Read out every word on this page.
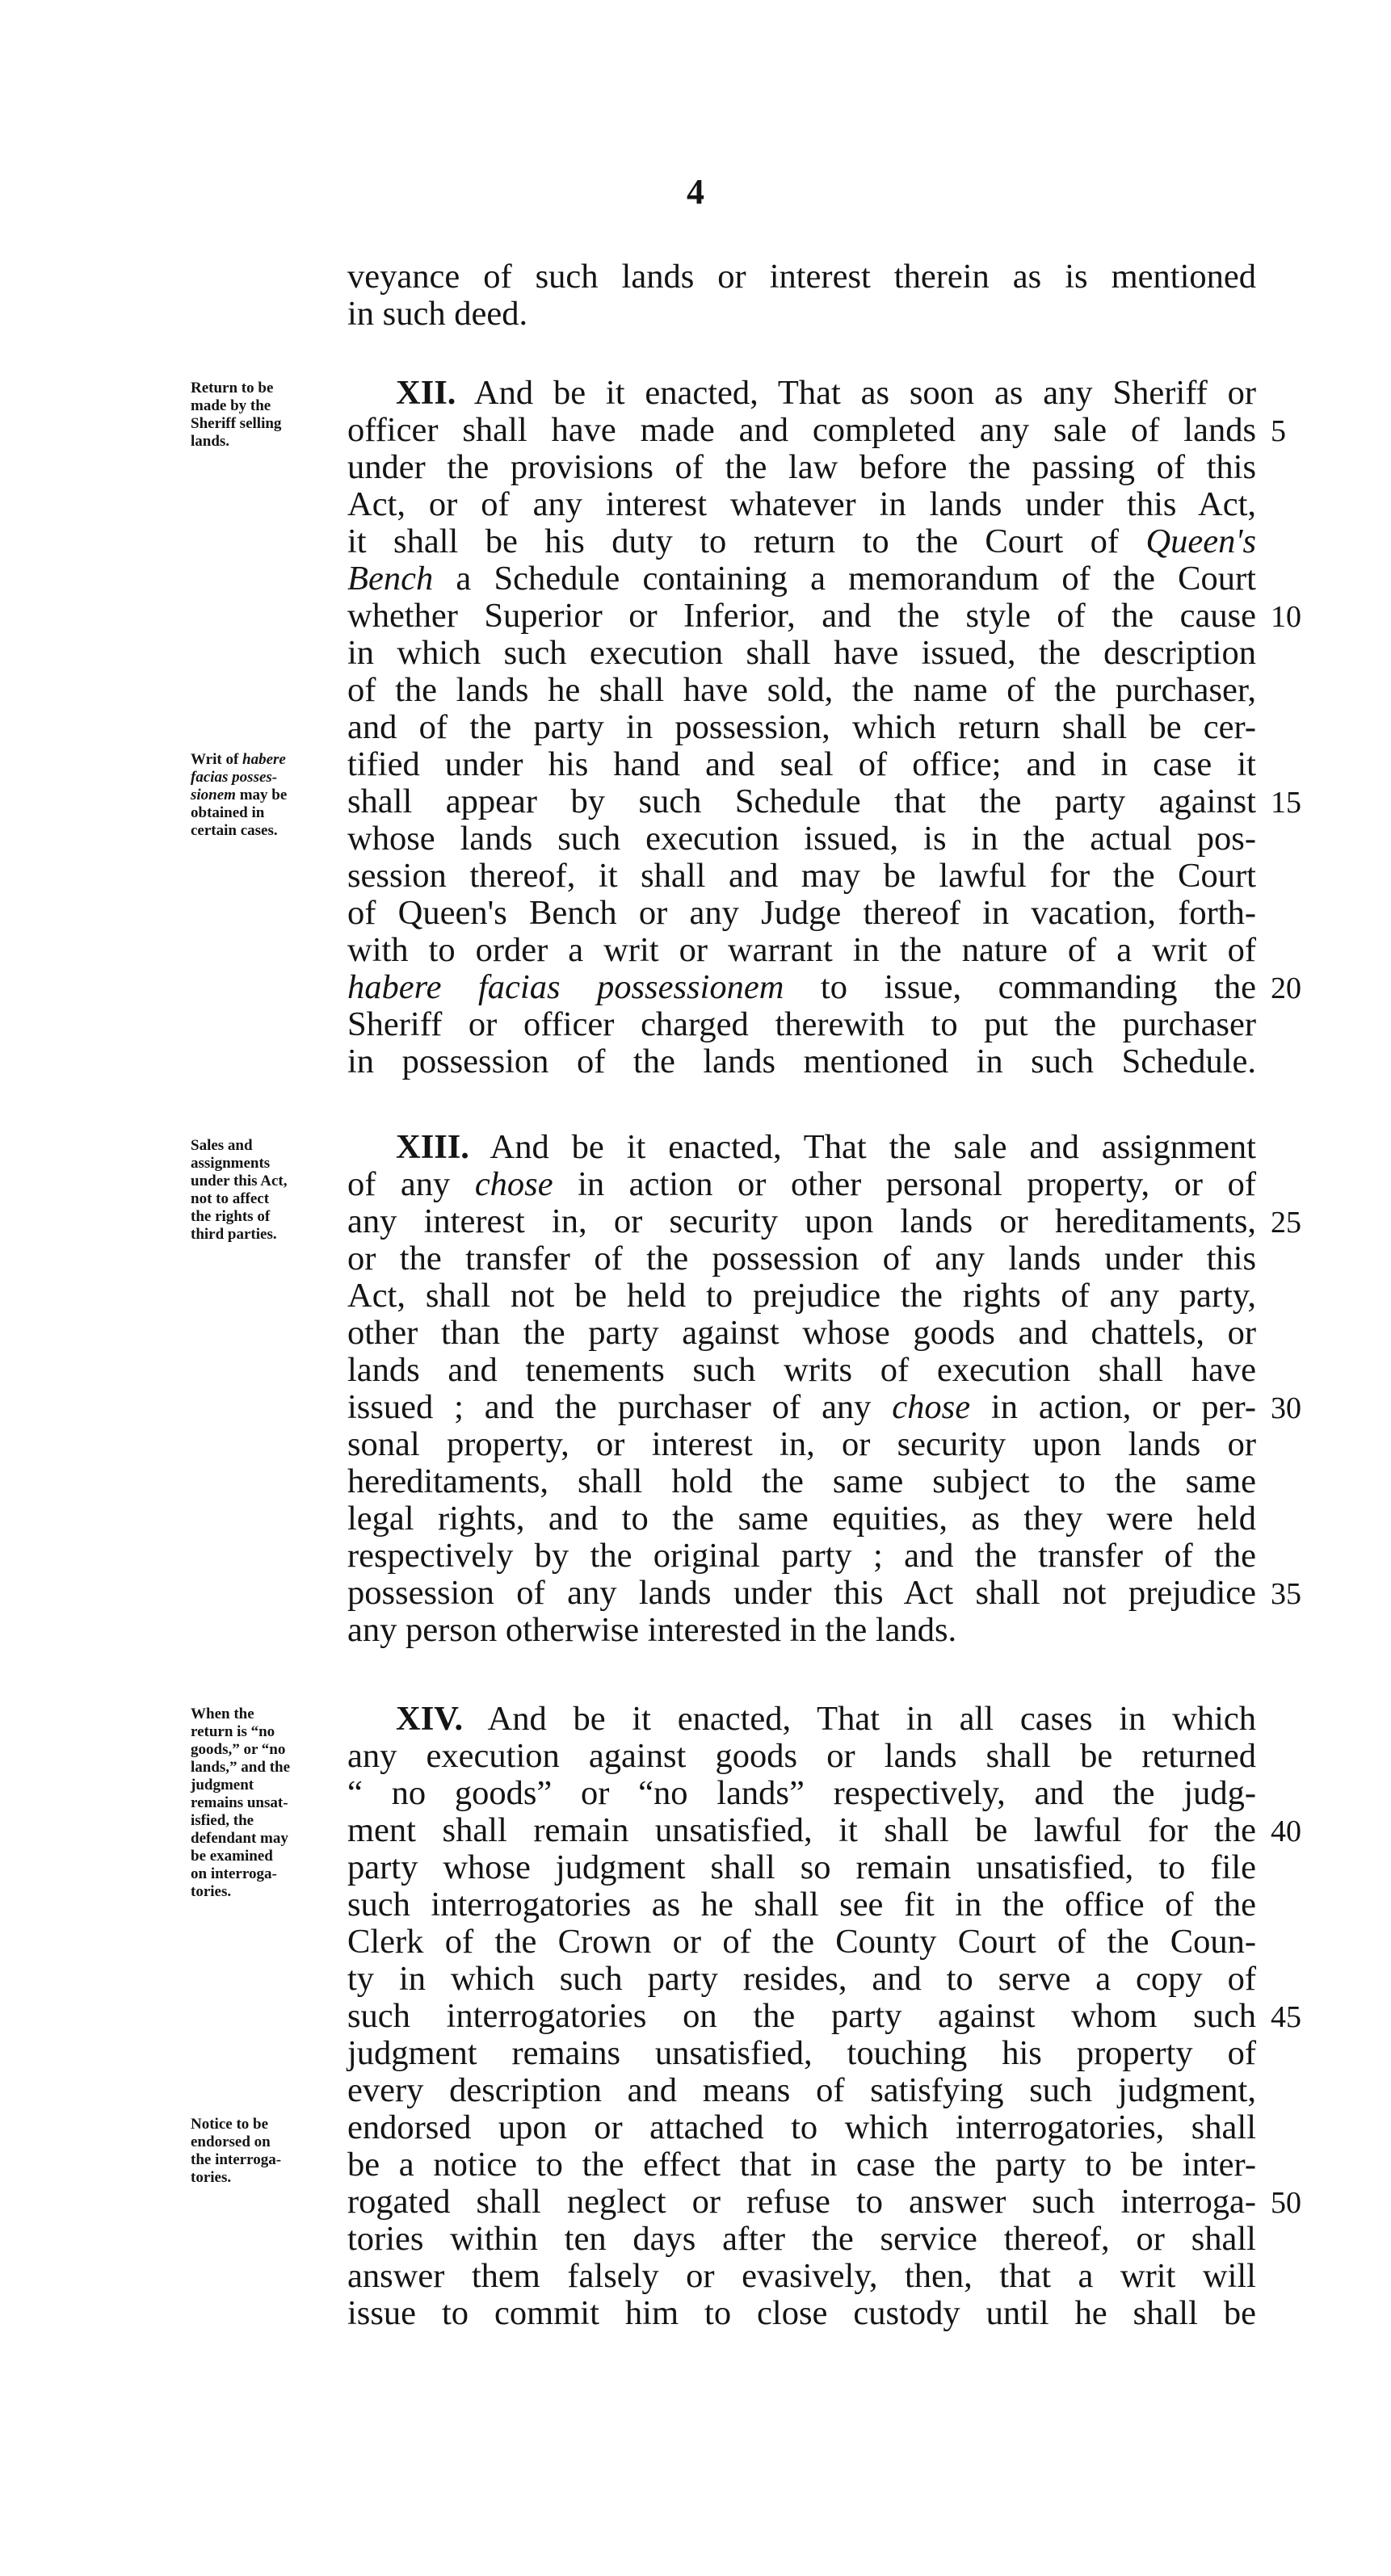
4
veyance of such lands or interest therein as is mentioned
in such deed.
XII. And be it enacted, That as soon as any Sheriff or
officer shall have made and completed any sale of lands
under the provisions of the law before the passing of this
Act, or of any interest whatever in lands under this Act,
it shall be his duty to return to the Court of Queen's
Bench a Schedule containing a memorandum of the Court
whether Superior or Inferior, and the style of the cause
in which such execution shall have issued, the description
of the lands he shall have sold, the name of the purchaser,
and of the party in possession, which return shall be cer-
tified under his hand and seal of office; and in case it
shall appear by such Schedule that the party against
whose lands such execution issued, is in the actual pos-
session thereof, it shall and may be lawful for the Court
of Queen's Bench or any Judge thereof in vacation, forth-
with to order a writ or warrant in the nature of a writ of
habere facias possessionem to issue, commanding the
Sheriff or officer charged therewith to put the purchaser
in possession of the lands mentioned in such Schedule.
XIII. And be it enacted, That the sale and assignment
of any chose in action or other personal property, or of
any interest in, or security upon lands or hereditaments,
or the transfer of the possession of any lands under this
Act, shall not be held to prejudice the rights of any party,
other than the party against whose goods and chattels, or
lands and tenements such writs of execution shall have
issued ; and the purchaser of any chose in action, or per-
sonal property, or interest in, or security upon lands or
hereditaments, shall hold the same subject to the same
legal rights, and to the same equities, as they were held
respectively by the original party ; and the transfer of the
possession of any lands under this Act shall not prejudice
any person otherwise interested in the lands.
XIV. And be it enacted, That in all cases in which
any execution against goods or lands shall be returned
“ no goods” or “no lands” respectively, and the judg-
ment shall remain unsatisfied, it shall be lawful for the
party whose judgment shall so remain unsatisfied, to file
such interrogatories as he shall see fit in the office of the
Clerk of the Crown or of the County Court of the Coun-
ty in which such party resides, and to serve a copy of
such interrogatories on the party against whom such
judgment remains unsatisfied, touching his property of
every description and means of satisfying such judgment,
endorsed upon or attached to which interrogatories, shall
be a notice to the effect that in case the party to be inter-
rogated shall neglect or refuse to answer such interroga-
tories within ten days after the service thereof, or shall
answer them falsely or evasively, then, that a writ will
issue to commit him to close custody until he shall be
Return to be
made by the
Sheriff selling
lands.
Writ of habere
facias posses-
sionem may be
obtained in
certain cases.
Sales and
assignments
under this Act,
not to affect
the rights of
third parties.
When the
return is “no
goods,” or “no
lands,” and the
judgment
remains unsat-
isfied, the
defendant may
be examined
on interroga-
tories.
Notice to be
endorsed on
the interroga-
tories.
5
10
15
20
25
30
35
40
45
50
